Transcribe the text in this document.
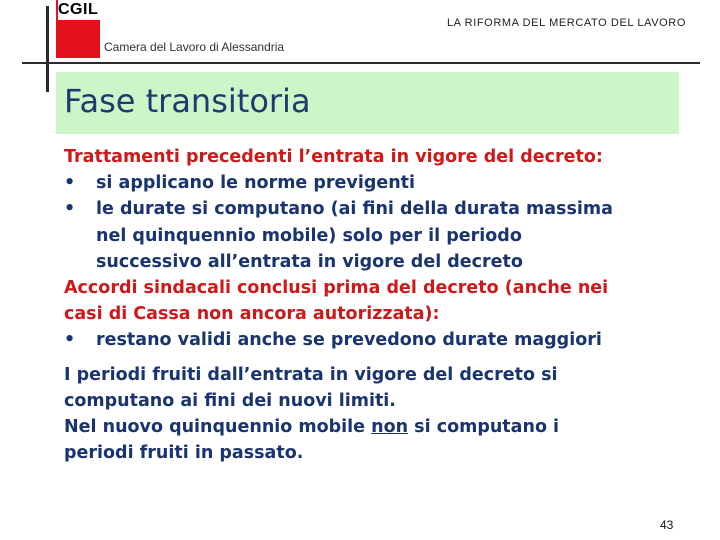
CGIL
LA RIFORMA DEL MERCATO DEL LAVORO
Camera del Lavoro di Alessandria
Fase transitoria

Trattamenti precedenti l’entrata in vigore del decreto:

•	si applicano le norme previgenti
•	le durate si computano (ai fini della durata massima
nel quinquennio mobile) solo per il periodo
successivo all’entrata in vigore del decreto

Accordi sindacali conclusi prima del decreto (anche nei

casi di Cassa non ancora autorizzata):

•	restano validi anche se prevedono durate maggiori

I periodi fruiti dall’entrata in vigore del decreto si

computano ai fini dei nuovi limiti.

Nel nuovo quinquennio mobile non si computano i

periodi fruiti in passato.

43
